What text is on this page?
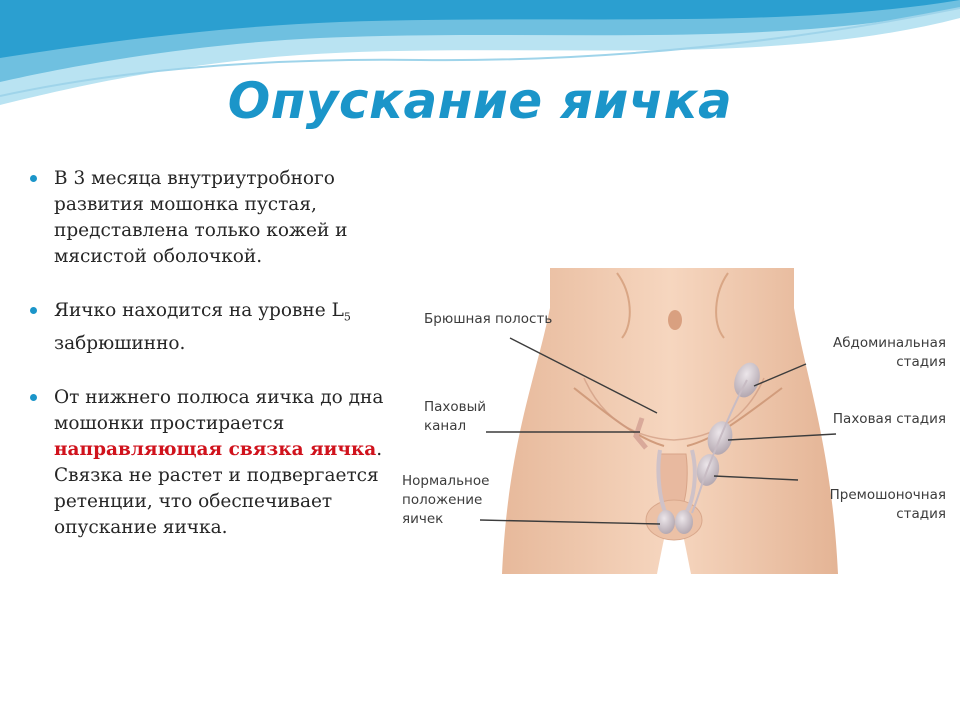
Опускание яичка
В 3 месяца внутриутробного развития мошонка пустая, представлена только кожей и мясистой оболочкой.
Яичко находится на уровне $L_5$ забрюшинно.
От нижнего полюса яичка до дна мошонки простирается направляющая связка яичка. Связка не растет и подвергается ретенции, что обеспечивает опускание яичка.
Брюшная полость
Паховый канал
Нормальное положение яичек
Абдоминальная стадия
Паховая стадия
Премошоночная стадия
